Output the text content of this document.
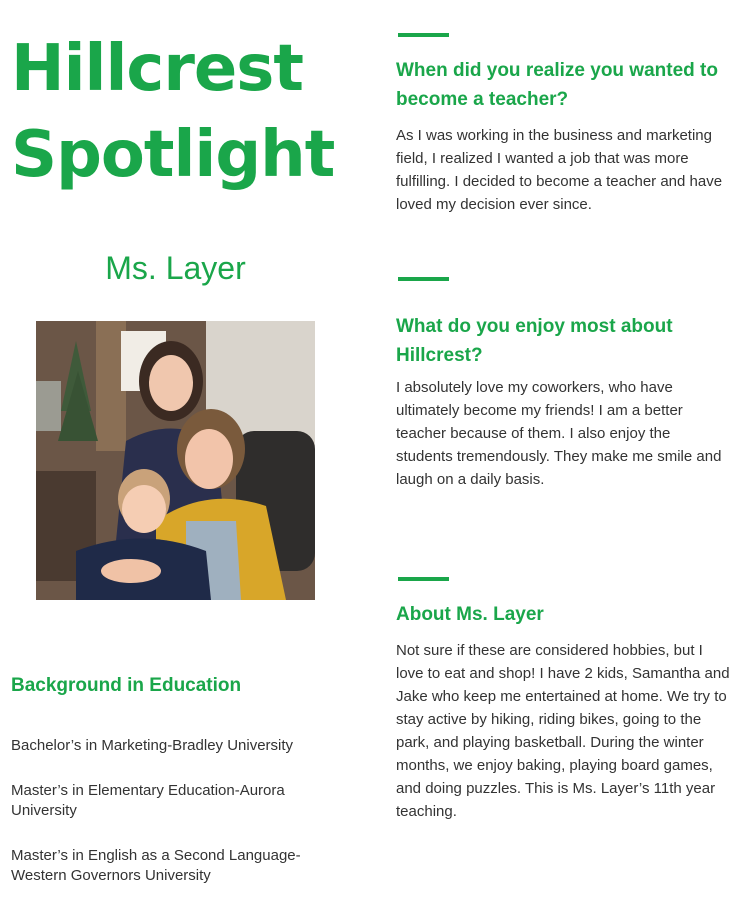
Hillcrest
Spotlight
Ms. Layer
Background in Education

Bachelor’s in Marketing-Bradley University

Master’s in Elementary Education-Aurora University

Master’s in English as a Second Language-Western Governors University

When did you realize you wanted to become a teacher?

As I was working in the business and marketing field, I realized I wanted a job that was more fulfilling. I decided to become a teacher and have loved my decision ever since.

What do you enjoy most about Hillcrest?

I absolutely love my coworkers, who have ultimately become my friends! I am a better teacher because of them. I also enjoy the students tremendously. They make me smile and laugh on a daily basis.

About Ms. Layer

Not sure if these are considered hobbies, but I love to eat and shop! I have 2 kids, Samantha and Jake who keep me entertained at home. We try to stay active by hiking, riding bikes, going to the park, and playing basketball. During the winter months, we enjoy baking, playing board games, and doing puzzles. This is Ms. Layer’s 11th year teaching.
